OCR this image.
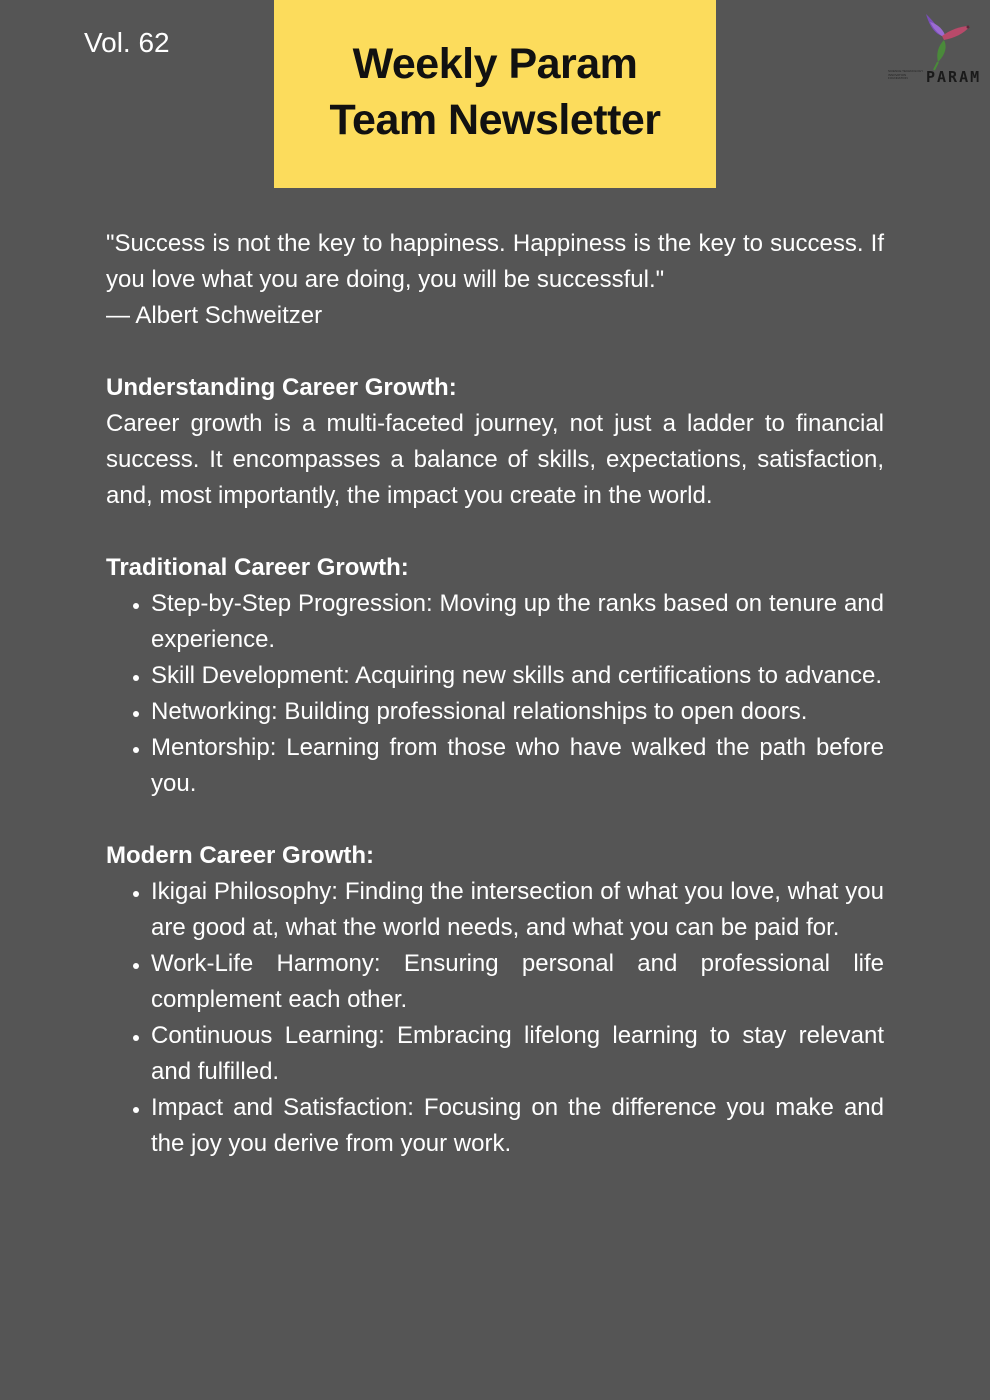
Vol. 62	Weekly Param
Team Newsletter
SCIENCE TECHNOLOGY INNOVATION FOUNDATION	PARAM

"Success is not the key to happiness. Happiness is the key to success. If you love what you are doing, you will be successful."

— Albert Schweitzer

Understanding Career Growth:

Career growth is a multi-faceted journey, not just a ladder to financial success. It encompasses a balance of skills, expectations, satisfaction, and, most importantly, the impact you create in the world.

Traditional Career Growth:

• Step-by-Step Progression: Moving up the ranks based on tenure and experience.
• Skill Development: Acquiring new skills and certifications to advance.
• Networking: Building professional relationships to open doors.
• Mentorship: Learning from those who have walked the path before you.

Modern Career Growth:

• Ikigai Philosophy: Finding the intersection of what you love, what you are good at, what the world needs, and what you can be paid for.
• Work-Life Harmony: Ensuring personal and professional life complement each other.
• Continuous Learning: Embracing lifelong learning to stay relevant and fulfilled.
• Impact and Satisfaction: Focusing on the difference you make and the joy you derive from your work.
